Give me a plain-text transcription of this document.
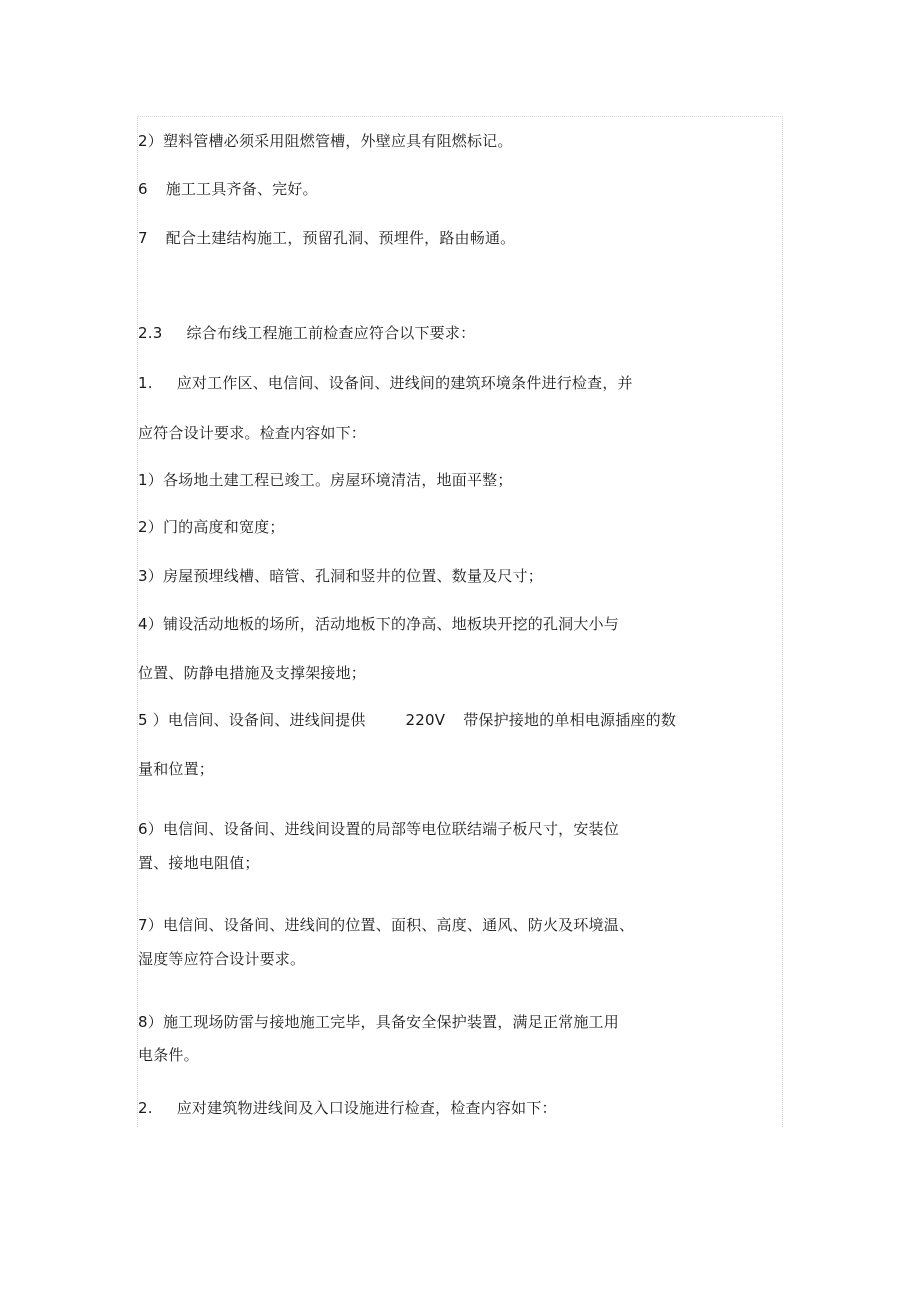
2）塑料管槽必须采用阻燃管槽，外壁应具有阻燃标记。
6 施工工具齐备、完好。
7 配合土建结构施工，预留孔洞、预埋件，路由畅通。
2.3 综合布线工程施工前检查应符合以下要求：
1. 应对工作区、电信间、设备间、进线间的建筑环境条件进行检查，并
应符合设计要求。检查内容如下：
1）各场地土建工程已竣工。房屋环境清洁，地面平整；
2）门的高度和宽度；
3）房屋预埋线槽、暗管、孔洞和竖井的位置、数量及尺寸；
4）铺设活动地板的场所，活动地板下的净高、地板块开挖的孔洞大小与
位置、防静电措施及支撑架接地；
5 ）电信间、设备间、进线间提供	220V 带保护接地的单相电源插座的数
量和位置；
6）电信间、设备间、进线间设置的局部等电位联结端子板尺寸，安装位
置、接地电阻值；
7）电信间、设备间、进线间的位置、面积、高度、通风、防火及环境温、
湿度等应符合设计要求。
8）施工现场防雷与接地施工完毕，具备安全保护装置，满足正常施工用
电条件。
2. 应对建筑物进线间及入口设施进行检查，检查内容如下：
